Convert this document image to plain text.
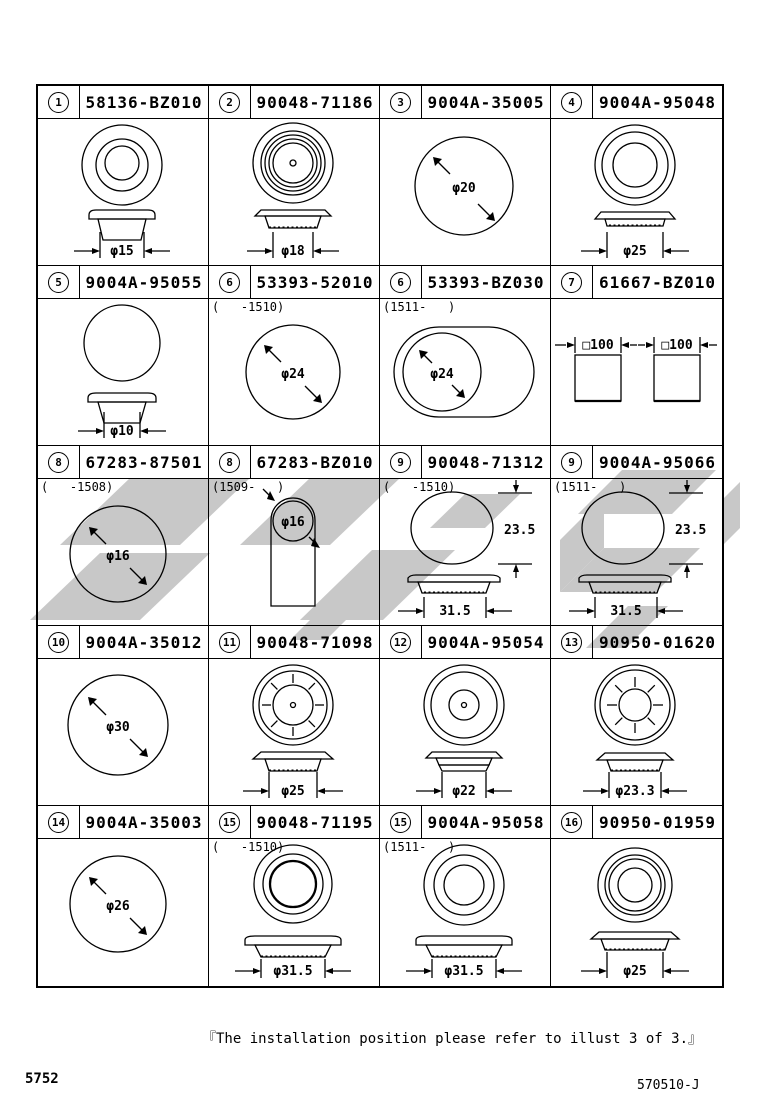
1	58136-BZ010
φ15
2	90048-71186
φ18
3	9004A-35005
φ20
4	9004A-95048
φ25
5	9004A-95055
φ10
6	53393-52010
(   -1510)
φ24
6	53393-BZ030
(1511-   )
φ24
7	61667-BZ010
□100	□100
8	67283-87501
(   -1508)
φ16
8	67283-BZ010
(1509-   )
φ16
9	90048-71312
(   -1510)
23.5
31.5
9	9004A-95066
(1511-   )
23.5
31.5
10	9004A-35012
φ30
11	90048-71098
φ25
12	9004A-95054
φ22
13	90950-01620
φ23.3
14	9004A-35003
φ26
15	90048-71195
(   -1510)
φ31.5
15	9004A-95058
(1511-   )
φ31.5
16	90950-01959
φ25
『The installation position please refer to illust 3 of 3.』
5752	570510-J
